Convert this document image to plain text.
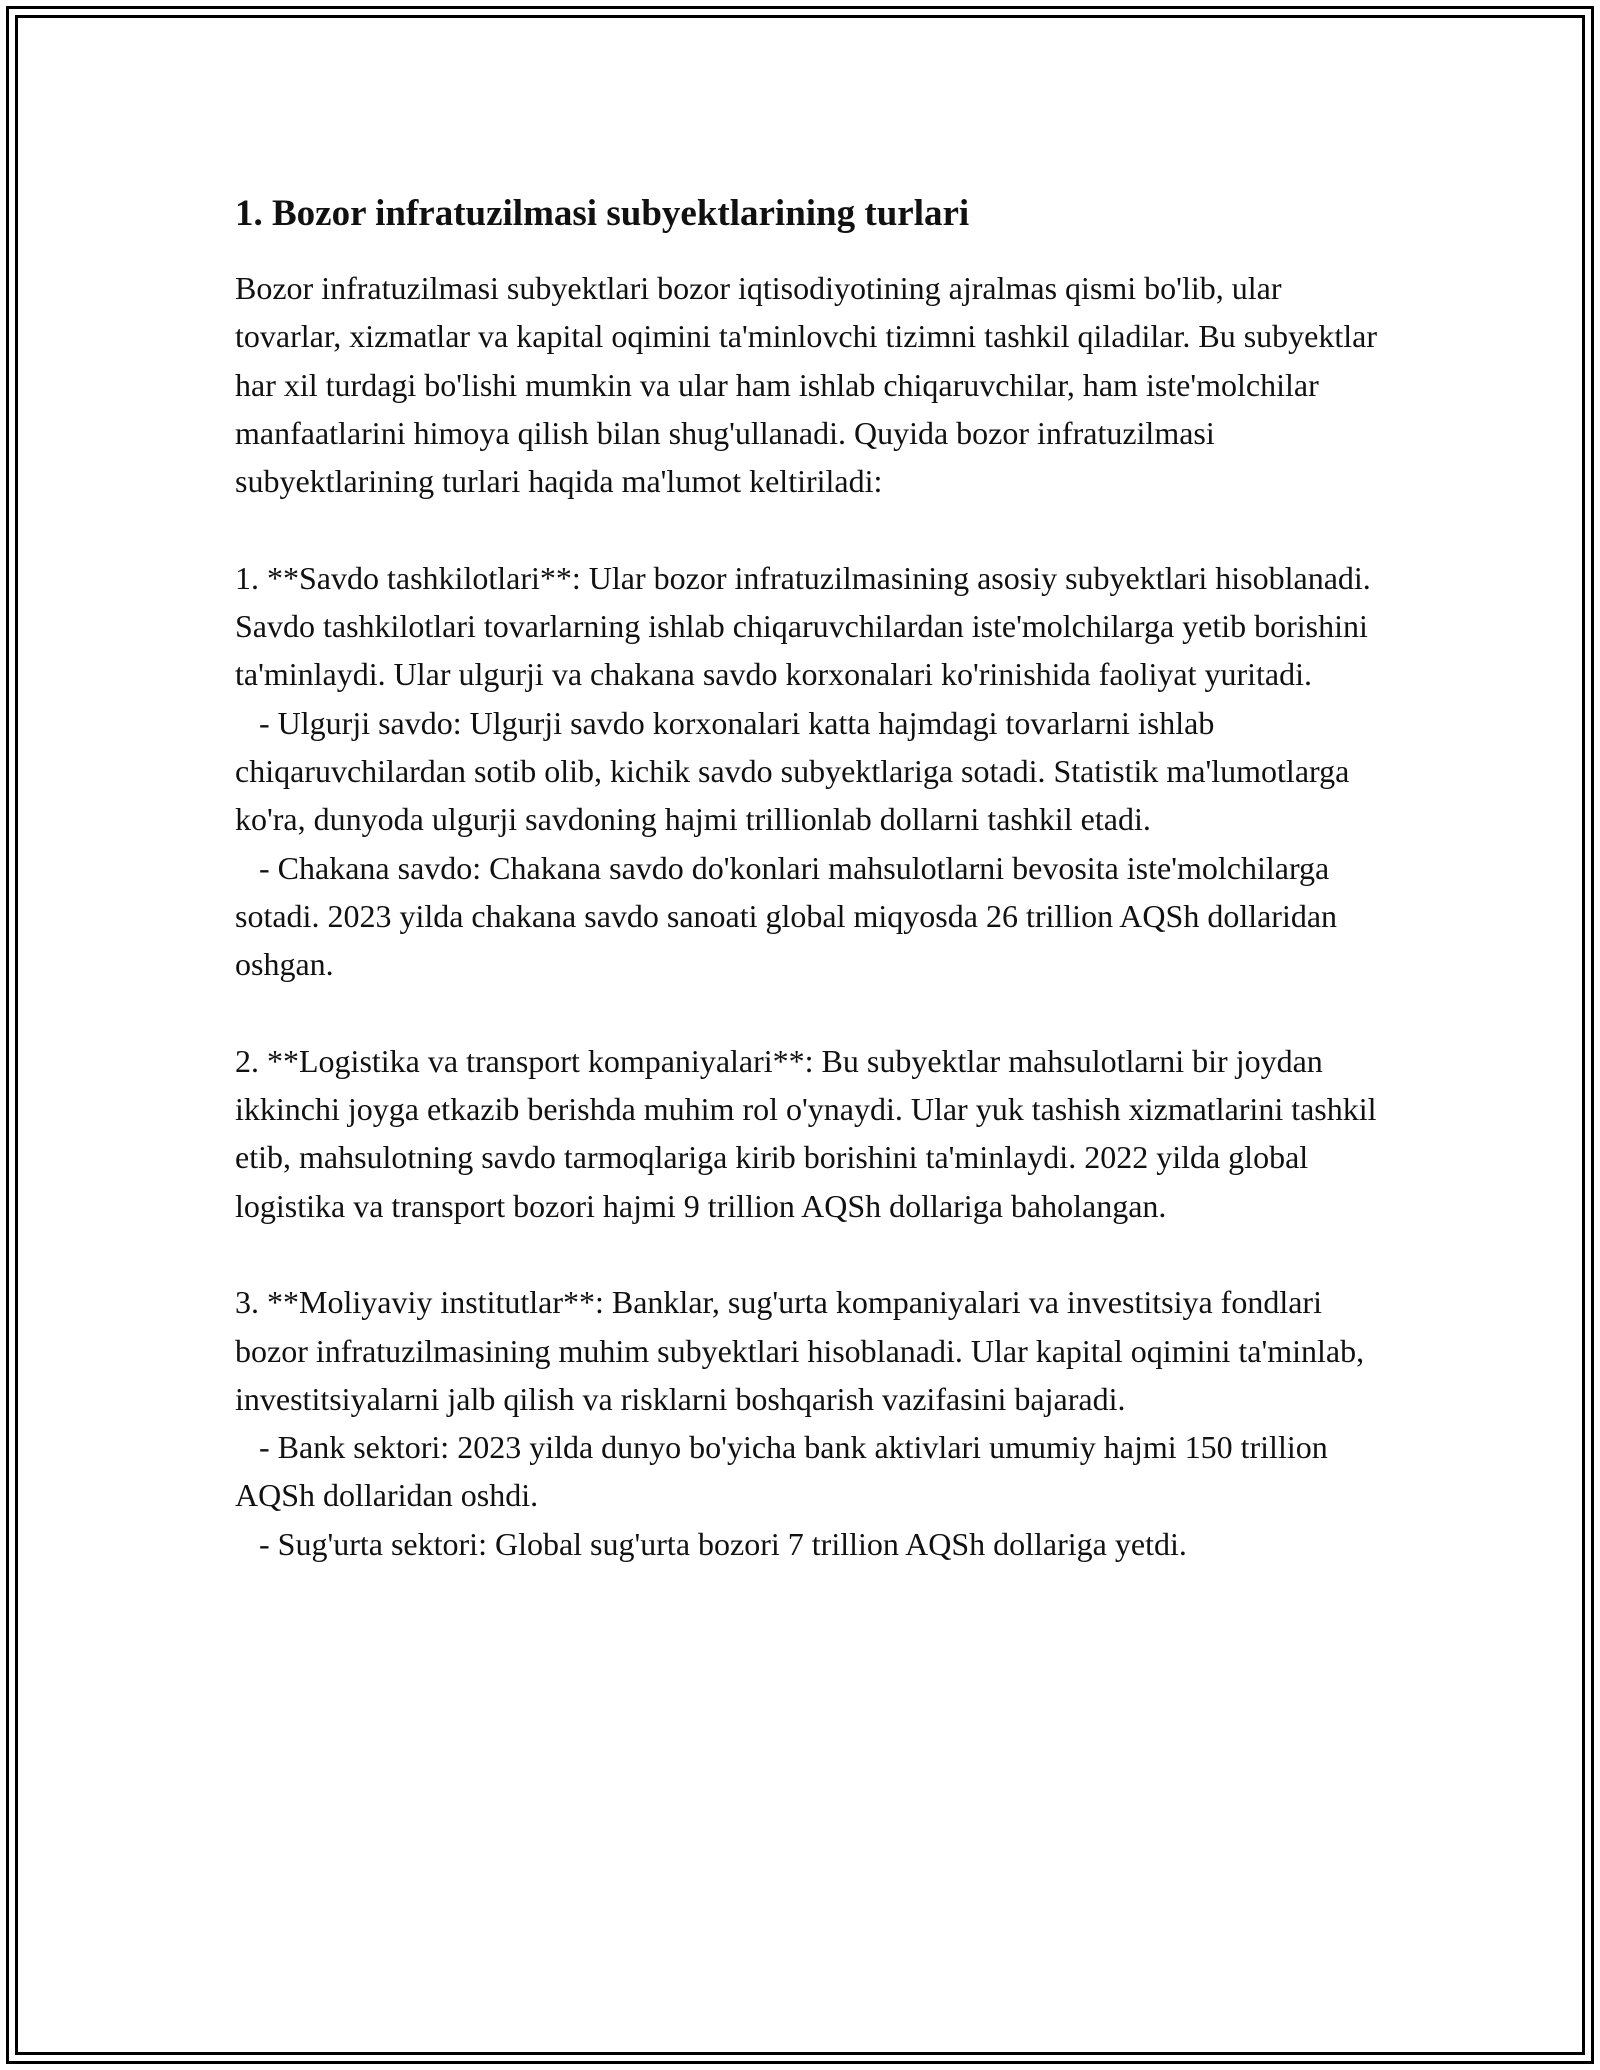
1. Bozor infratuzilmasi subyektlarining turlari

Bozor infratuzilmasi subyektlari bozor iqtisodiyotining ajralmas qismi bo'lib, ular tovarlar, xizmatlar va kapital oqimini ta'minlovchi tizimni tashkil qiladilar. Bu subyektlar har xil turdagi bo'lishi mumkin va ular ham ishlab chiqaruvchilar, ham iste'molchilar manfaatlarini himoya qilish bilan shug'ullanadi. Quyida bozor infratuzilmasi subyektlarining turlari haqida ma'lumot keltiriladi:

1. **Savdo tashkilotlari**: Ular bozor infratuzilmasining asosiy subyektlari hisoblanadi. Savdo tashkilotlari tovarlarning ishlab chiqaruvchilardan iste'molchilarga yetib borishini ta'minlaydi. Ular ulgurji va chakana savdo korxonalari ko'rinishida faoliyat yuritadi.

- Ulgurji savdo: Ulgurji savdo korxonalari katta hajmdagi tovarlarni ishlab chiqaruvchilardan sotib olib, kichik savdo subyektlariga sotadi. Statistik ma'lumotlarga ko'ra, dunyoda ulgurji savdoning hajmi trillionlab dollarni tashkil etadi.

- Chakana savdo: Chakana savdo do'konlari mahsulotlarni bevosita iste'molchilarga sotadi. 2023 yilda chakana savdo sanoati global miqyosda 26 trillion AQSh dollaridan oshgan.

2. **Logistika va transport kompaniyalari**: Bu subyektlar mahsulotlarni bir joydan ikkinchi joyga etkazib berishda muhim rol o'ynaydi. Ular yuk tashish xizmatlarini tashkil etib, mahsulotning savdo tarmoqlariga kirib borishini ta'minlaydi. 2022 yilda global logistika va transport bozori hajmi 9 trillion AQSh dollariga baholangan.

3. **Moliyaviy institutlar**: Banklar, sug'urta kompaniyalari va investitsiya fondlari bozor infratuzilmasining muhim subyektlari hisoblanadi. Ular kapital oqimini ta'minlab, investitsiyalarni jalb qilish va risklarni boshqarish vazifasini bajaradi.

- Bank sektori: 2023 yilda dunyo bo'yicha bank aktivlari umumiy hajmi 150 trillion AQSh dollaridan oshdi.

- Sug'urta sektori: Global sug'urta bozori 7 trillion AQSh dollariga yetdi.
